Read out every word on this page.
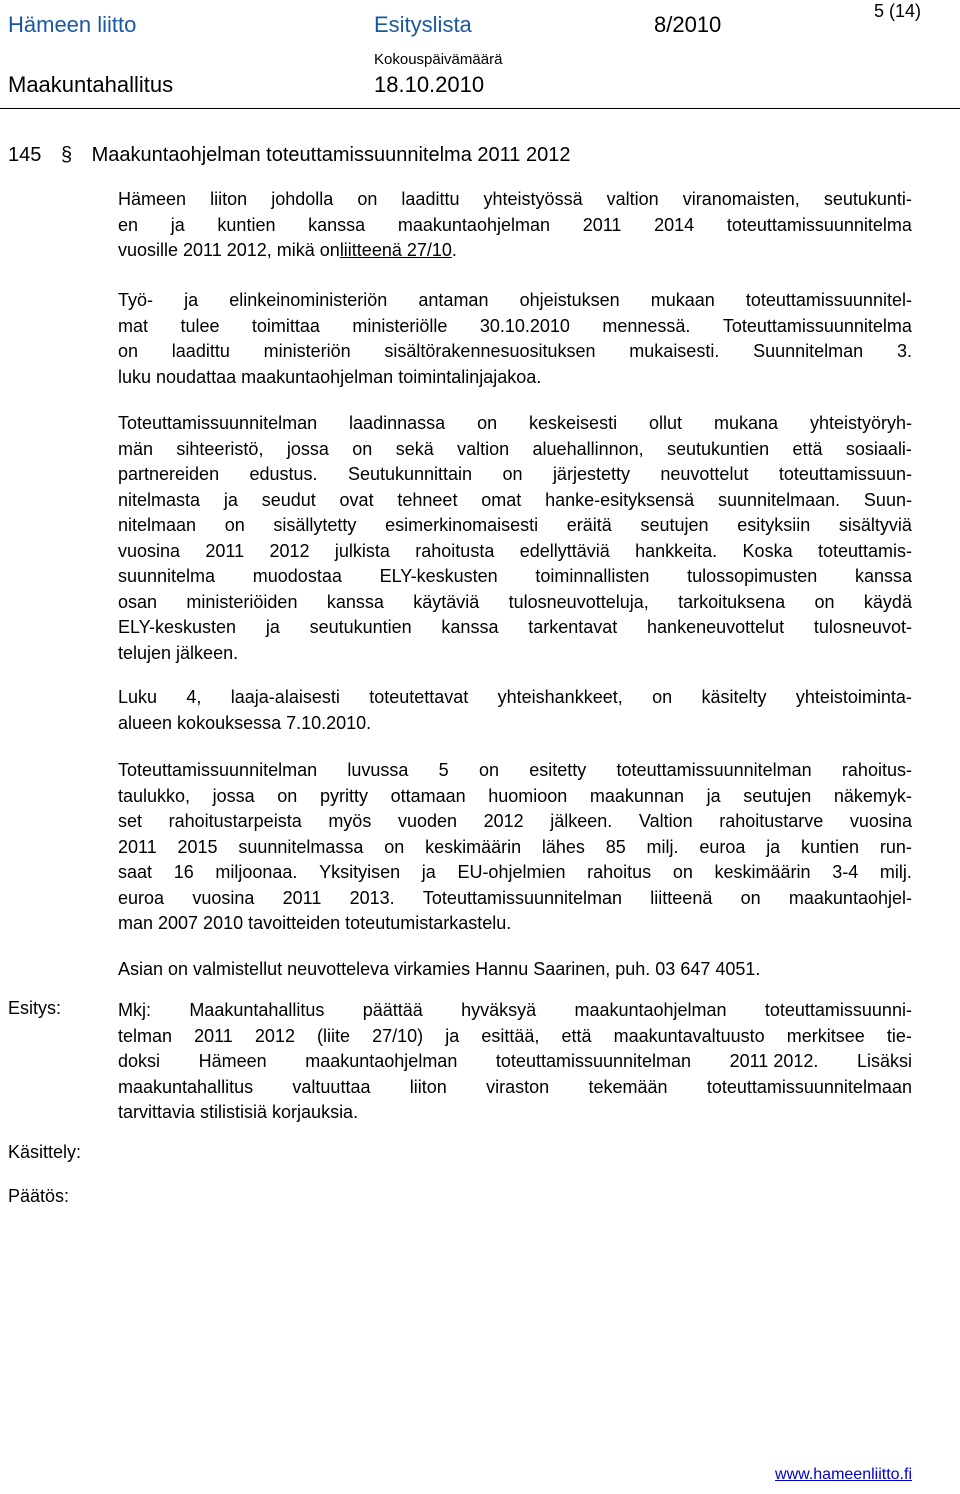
Hämeen liitto	Esityslista	8/2010
5 (14)
Maakuntahallitus
Kokouspäivämäärä
18.10.2010
145 § Maakuntaohjelman toteuttamissuunnitelma 2011 2012
Hämeen liiton johdolla on laadittu yhteistyössä valtion viranomaisten, seutukunti-
en ja kuntien kanssa maakuntaohjelman 2011 2014 toteuttamissuunnitelma
vuosille 2011 2012, mikä on liitteenä 27/10 .
Työ- ja elinkeinoministeriön antaman ohjeistuksen mukaan toteuttamissuunnitel-
mat tulee toimittaa ministeriölle 30.10.2010 mennessä. Toteuttamissuunnitelma
on laadittu ministeriön sisältörakennesuosituksen mukaisesti. Suunnitelman 3.
luku noudattaa maakuntaohjelman toimintalinjajakoa.
Toteuttamissuunnitelman laadinnassa on keskeisesti ollut mukana yhteistyöryh-
män sihteeristö, jossa on sekä valtion aluehallinnon, seutukuntien että sosiaali-
partnereiden edustus. Seutukunnittain on järjestetty neuvottelut toteuttamissuun-
nitelmasta ja seudut ovat tehneet omat hanke-esityksensä suunnitelmaan. Suun-
nitelmaan on sisällytetty esimerkinomaisesti eräitä seutujen esityksiin sisältyviä
vuosina 2011 2012 julkista rahoitusta edellyttäviä hankkeita. Koska toteuttamis-
suunnitelma muodostaa ELY-keskusten toiminnallisten tulossopimusten kanssa
osan ministeriöiden kanssa käytäviä tulosneuvotteluja, tarkoituksena on käydä
ELY-keskusten ja seutukuntien kanssa tarkentavat hankeneuvottelut tulosneuvot-
telujen jälkeen.
Luku 4, laaja-alaisesti toteutettavat yhteishankkeet, on käsitelty yhteistoiminta-
alueen kokouksessa 7.10.2010.
Toteuttamissuunnitelman luvussa 5 on esitetty toteuttamissuunnitelman rahoitus-
taulukko, jossa on pyritty ottamaan huomioon maakunnan ja seutujen näkemyk-
set rahoitustarpeista myös vuoden 2012 jälkeen. Valtion rahoitustarve vuosina
2011 2015 suunnitelmassa on keskimäärin lähes 85 milj. euroa ja kuntien run-
saat 16 miljoonaa. Yksityisen ja EU-ohjelmien rahoitus on keskimäärin 3-4 milj.
euroa vuosina 2011 2013. Toteuttamissuunnitelman liitteenä on maakuntaohjel-
man 2007 2010 tavoitteiden toteutumistarkastelu.
Asian on valmistellut neuvotteleva virkamies Hannu Saarinen, puh. 03 647 4051.
Mkj: Maakuntahallitus päättää hyväksyä maakuntaohjelman toteuttamissuunni-
telman 2011 2012 (liite 27/10) ja esittää, että maakuntavaltuusto merkitsee tie-
doksi Hämeen maakuntaohjelman toteuttamissuunnitelman 2011 2012. Lisäksi
maakuntahallitus valtuuttaa liiton viraston tekemään toteuttamissuunnitelmaan
tarvittavia stilistisiä korjauksia.
Esitys:
Käsittely:
Päätös:
www.hameenliitto.fi
